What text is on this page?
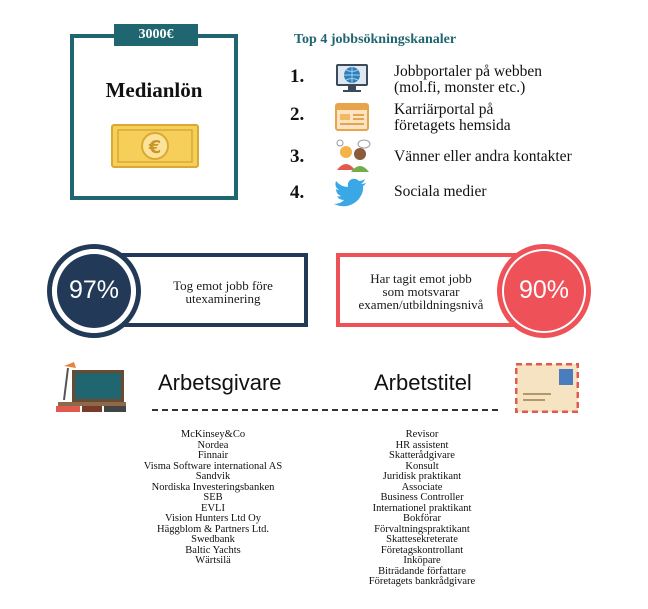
3000€
Medianlön
€
Top 4 jobbsökningskanaler
1.	Jobbportaler på webben
(mol.fi, monster etc.)
2.	Karriärportal på
företagets hemsida
3.	Vänner eller andra kontakter
4.	Sociala medier
97%	Tog emot jobb före
utexaminering	90%
Har tagit emot jobb
som motsvarar
examen/utbildningsnivå
Arbetsgivare	Arbetstitel
McKinsey&Co
Nordea
Finnair
Visma Software international AS
Sandvik
Nordiska Investeringsbanken
SEB
EVLI
Vision Hunters Ltd Oy
Häggblom & Partners Ltd.
Swedbank
Baltic Yachts
Wärtsilä
Revisor
HR assistent
Skatterådgivare
Konsult
Juridisk praktikant
Associate
Business Controller
Internationel praktikant
Bokförar
Förvaltningspraktikant
Skattesekreterate
Företagskontrollant
Inköpare
Biträdande författare
Företagets bankrådgivare
